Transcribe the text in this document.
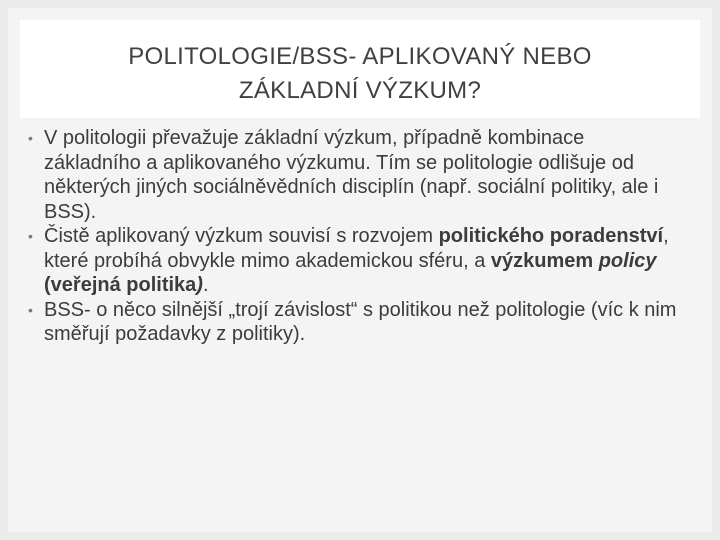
POLITOLOGIE/BSS- APLIKOVANÝ NEBO
ZÁKLADNÍ VÝZKUM?

• V politologii převažuje základní výzkum, případně kombinace základního a aplikovaného výzkumu. Tím se politologie odlišuje od některých jiných sociálněvědních disciplín (např. sociální politiky, ale i BSS).

• Čistě aplikovaný výzkum souvisí s rozvojem politického poradenství, které probíhá obvykle mimo akademickou sféru, a výzkumem policy (veřejná politika).

• BSS- o něco silnější „trojí závislost“ s politikou než politologie (víc k nim směřují požadavky z politiky).
